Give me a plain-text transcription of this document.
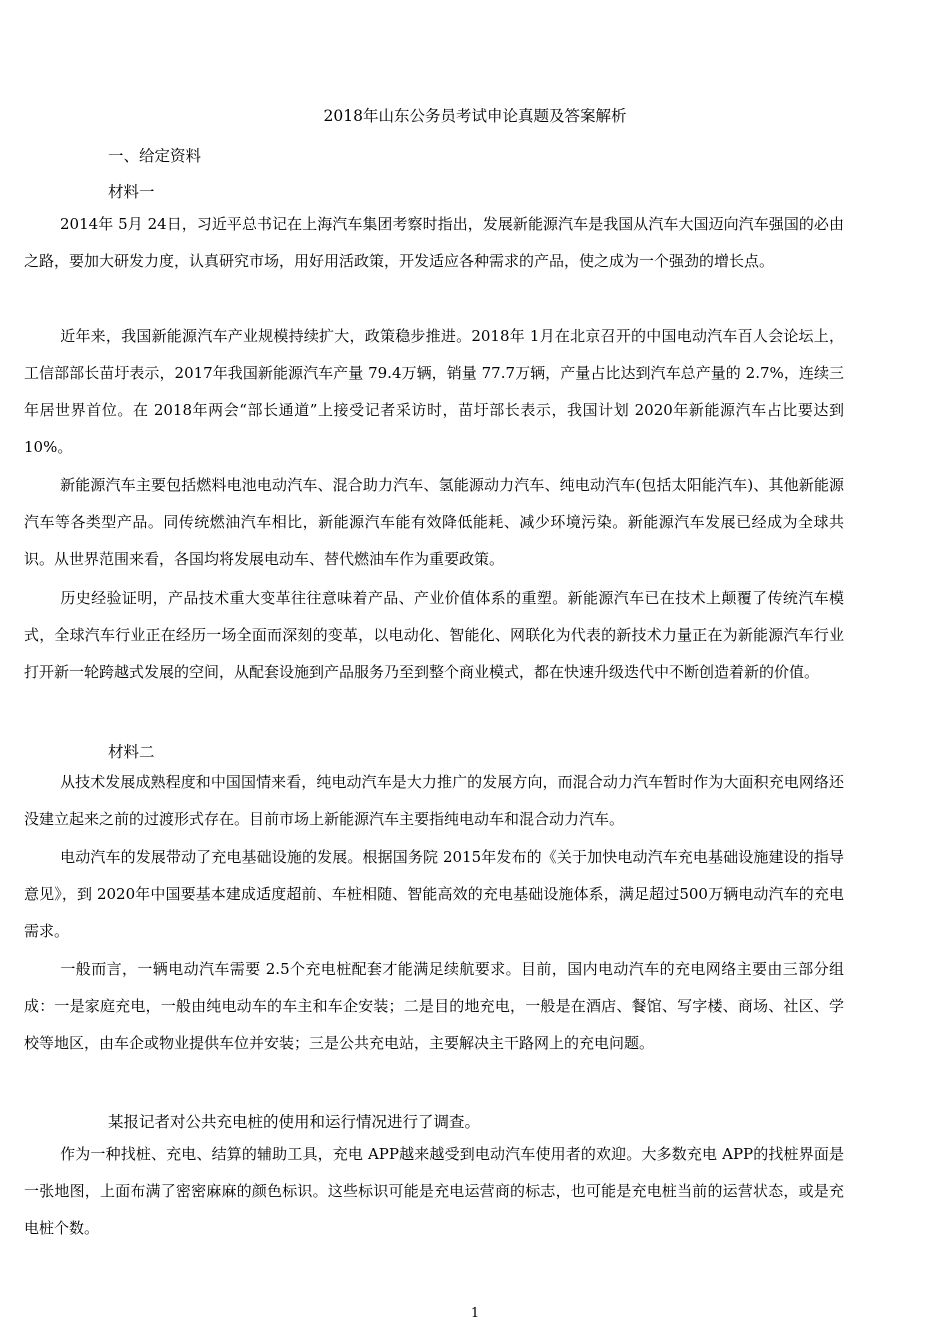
2018年山东公务员考试申论真题及答案解析
一、给定资料
材料一
2014年 5月 24日，习近平总书记在上海汽车集团考察时指出，发展新能源汽车是我国从汽车大国迈向汽车强国的必由之路，要加大研发力度，认真研究市场，用好用活政策，开发适应各种需求的产品，使之成为一个强劲的增长点。
近年来，我国新能源汽车产业规模持续扩大，政策稳步推进。2018年 1月在北京召开的中国电动汽车百人会论坛上，工信部部长苗圩表示，2017年我国新能源汽车产量 79.4万辆，销量 77.7万辆，产量占比达到汽车总产量的 2.7%，连续三年居世界首位。在 2018年两会“部长通道”上接受记者采访时，苗圩部长表示，我国计划 2020年新能源汽车占比要达到 10%。
新能源汽车主要包括燃料电池电动汽车、混合助力汽车、氢能源动力汽车、纯电动汽车(包括太阳能汽车)、其他新能源汽车等各类型产品。同传统燃油汽车相比，新能源汽车能有效降低能耗、减少环境污染。新能源汽车发展已经成为全球共识。从世界范围来看，各国均将发展电动车、替代燃油车作为重要政策。
历史经验证明，产品技术重大变革往往意味着产品、产业价值体系的重塑。新能源汽车已在技术上颠覆了传统汽车模式，全球汽车行业正在经历一场全面而深刻的变革，以电动化、智能化、网联化为代表的新技术力量正在为新能源汽车行业打开新一轮跨越式发展的空间，从配套设施到产品服务乃至到整个商业模式，都在快速升级迭代中不断创造着新的价值。
材料二
从技术发展成熟程度和中国国情来看，纯电动汽车是大力推广的发展方向，而混合动力汽车暂时作为大面积充电网络还没建立起来之前的过渡形式存在。目前市场上新能源汽车主要指纯电动车和混合动力汽车。
电动汽车的发展带动了充电基础设施的发展。根据国务院 2015年发布的《关于加快电动汽车充电基础设施建设的指导意见》，到 2020年中国要基本建成适度超前、车桩相随、智能高效的充电基础设施体系，满足超过500万辆电动汽车的充电需求。
一般而言，一辆电动汽车需要 2.5个充电桩配套才能满足续航要求。目前，国内电动汽车的充电网络主要由三部分组成：一是家庭充电，一般由纯电动车的车主和车企安装；二是目的地充电，一般是在酒店、餐馆、写字楼、商场、社区、学校等地区，由车企或物业提供车位并安装；三是公共充电站，主要解决主干路网上的充电问题。
某报记者对公共充电桩的使用和运行情况进行了调查。
作为一种找桩、充电、结算的辅助工具，充电 APP越来越受到电动汽车使用者的欢迎。大多数充电 APP的找桩界面是一张地图，上面布满了密密麻麻的颜色标识。这些标识可能是充电运营商的标志，也可能是充电桩当前的运营状态，或是充电桩个数。
1
